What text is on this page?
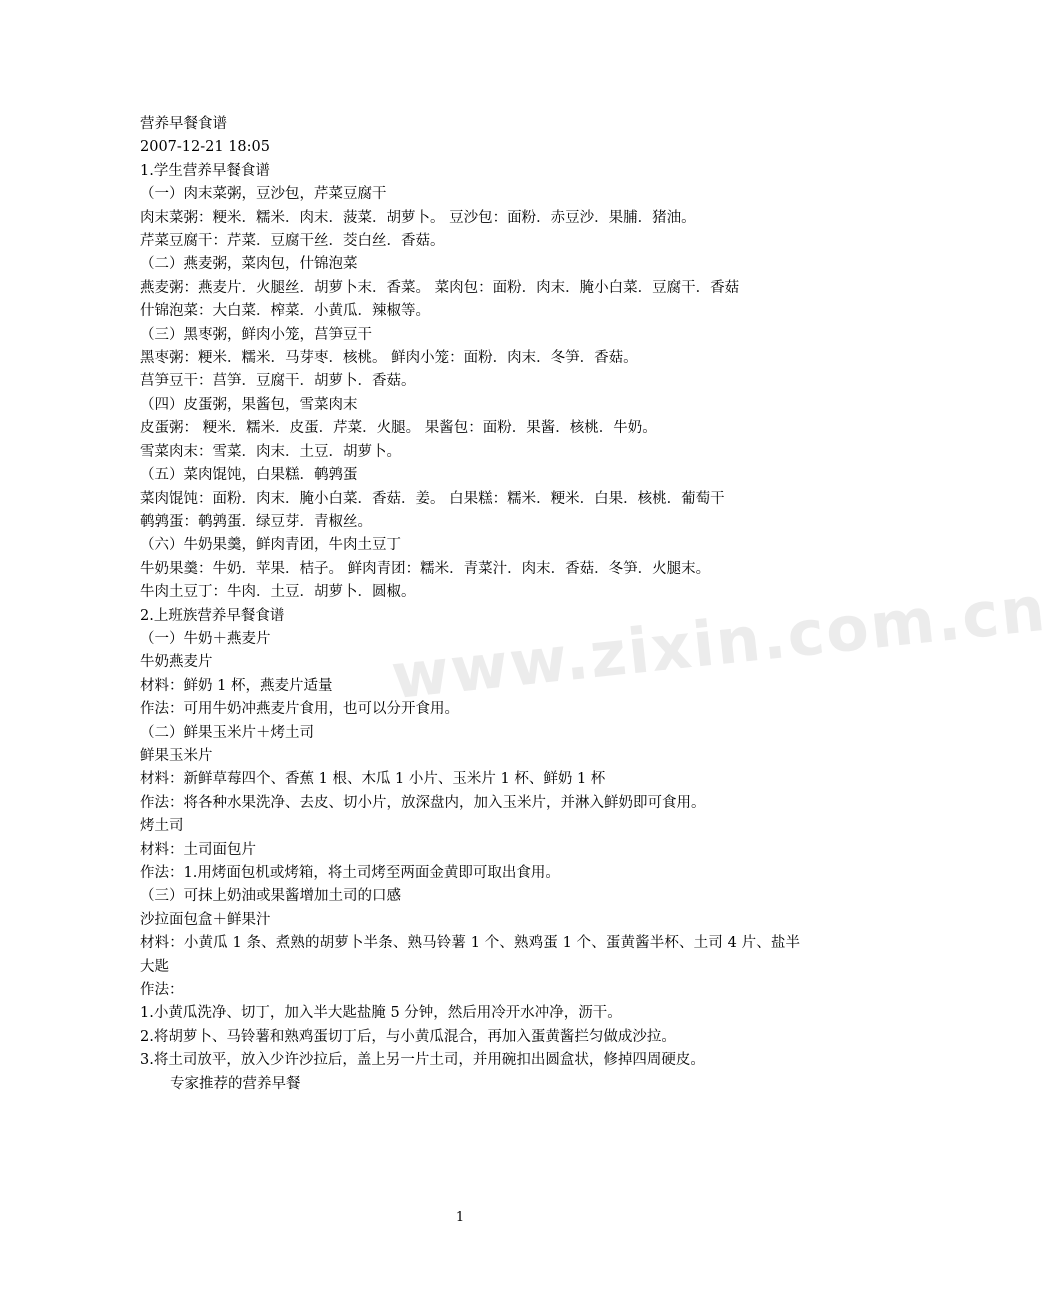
www.zixin.com.cn

营养早餐食谱

2007-12-21 18:05

1.学生营养早餐食谱

（一）肉末菜粥，豆沙包，芹菜豆腐干

肉末菜粥：粳米．糯米．肉末．菠菜．胡萝卜。 豆沙包：面粉．赤豆沙．果脯．猪油。

芹菜豆腐干：芹菜．豆腐干丝．茭白丝．香菇。

（二）燕麦粥，菜肉包，什锦泡菜

燕麦粥：燕麦片．火腿丝．胡萝卜末．香菜。 菜肉包：面粉．肉末．腌小白菜．豆腐干．香菇

什锦泡菜：大白菜．榨菜．小黄瓜．辣椒等。

（三）黑枣粥，鲜肉小笼，莒笋豆干

黑枣粥：粳米．糯米．马芽枣．核桃。 鲜肉小笼：面粉．肉末．冬笋．香菇。

莒笋豆干：莒笋．豆腐干．胡萝卜．香菇。

（四）皮蛋粥，果酱包，雪菜肉末

皮蛋粥： 粳米．糯米．皮蛋．芹菜．火腿。 果酱包：面粉．果酱．核桃．牛奶。

雪菜肉末：雪菜．肉末．土豆．胡萝卜。

（五）菜肉馄饨，白果糕．鹌鹑蛋

菜肉馄饨：面粉．肉末．腌小白菜．香菇．姜。 白果糕：糯米．粳米．白果．核桃．葡萄干

鹌鹑蛋：鹌鹑蛋．绿豆芽．青椒丝。

（六）牛奶果羹，鲜肉青团，牛肉土豆丁

牛奶果羹：牛奶．苹果．桔子。 鲜肉青团：糯米．青菜汁．肉末．香菇．冬笋．火腿末。

牛肉土豆丁：牛肉．土豆．胡萝卜．圆椒。

2.上班族营养早餐食谱

（一）牛奶＋燕麦片

牛奶燕麦片

材料：鲜奶 1 杯，燕麦片适量

作法：可用牛奶冲燕麦片食用，也可以分开食用。

（二）鲜果玉米片＋烤土司

鲜果玉米片

材料：新鲜草莓四个、香蕉 1 根、木瓜 1 小片、玉米片 1 杯、鲜奶 1 杯

作法：将各种水果洗净、去皮、切小片，放深盘内，加入玉米片，并淋入鲜奶即可食用。

烤土司

材料：土司面包片

作法：1.用烤面包机或烤箱，将土司烤至两面金黄即可取出食用。

（三）可抹上奶油或果酱增加土司的口感

沙拉面包盒＋鲜果汁

材料：小黄瓜 1 条、煮熟的胡萝卜半条、熟马铃薯 1 个、熟鸡蛋 1 个、蛋黄酱半杯、土司 4 片、盐半大匙

作法：

1.小黄瓜洗净、切丁，加入半大匙盐腌 5 分钟，然后用冷开水冲净，沥干。

2.将胡萝卜、马铃薯和熟鸡蛋切丁后，与小黄瓜混合，再加入蛋黄酱拦匀做成沙拉。

3.将土司放平，放入少许沙拉后，盖上另一片土司，并用碗扣出圆盒状，修掉四周硬皮。

专家推荐的营养早餐

1
